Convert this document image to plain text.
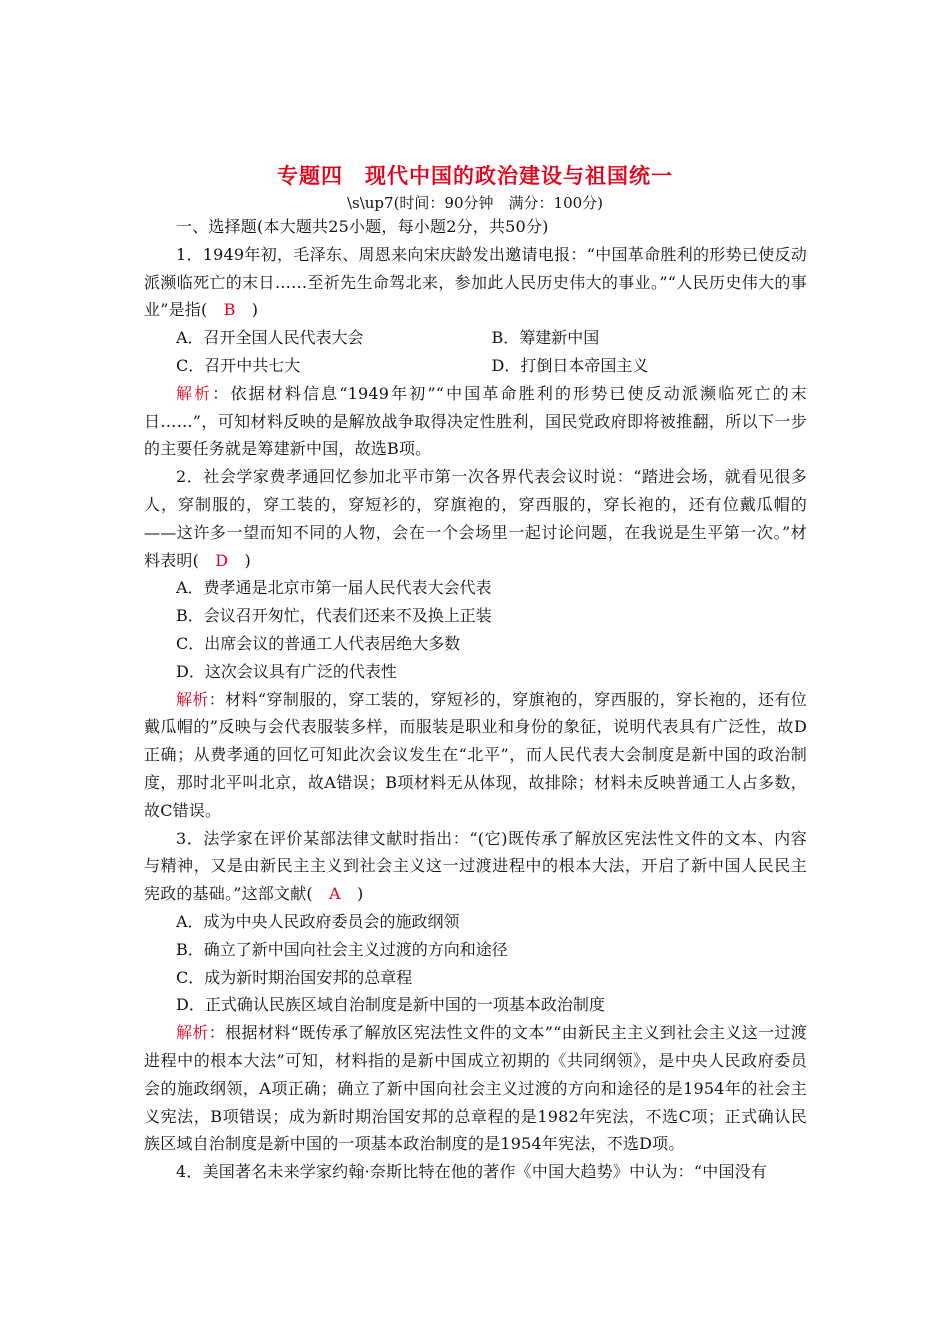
专题四　现代中国的政治建设与祖国统一
\s\up7(时间：90分钟　满分：100分)

一、选择题(本大题共25小题，每小题2分，共50分)

1．1949年初，毛泽东、周恩来向宋庆龄发出邀请电报：“中国革命胜利的形势已使反动派濒临死亡的末日……至祈先生命驾北来，参加此人民历史伟大的事业。”“人民历史伟大的事业”是指(　B　)

A．召开全国人民代表大会	B．筹建新中国
C．召开中共七大	D．打倒日本帝国主义

解析：依据材料信息“1949年初”“中国革命胜利的形势已使反动派濒临死亡的末日……”，可知材料反映的是解放战争取得决定性胜利，国民党政府即将被推翻，所以下一步的主要任务就是筹建新中国，故选B项。

2．社会学家费孝通回忆参加北平市第一次各界代表会议时说：“踏进会场，就看见很多人，穿制服的，穿工装的，穿短衫的，穿旗袍的，穿西服的，穿长袍的，还有位戴瓜帽的——这许多一望而知不同的人物，会在一个会场里一起讨论问题，在我说是生平第一次。”材料表明(　D　)

A．费孝通是北京市第一届人民代表大会代表

B．会议召开匆忙，代表们还来不及换上正装

C．出席会议的普通工人代表居绝大多数

D．这次会议具有广泛的代表性

解析：材料“穿制服的，穿工装的，穿短衫的，穿旗袍的，穿西服的，穿长袍的，还有位戴瓜帽的”反映与会代表服装多样，而服装是职业和身份的象征，说明代表具有广泛性，故D正确；从费孝通的回忆可知此次会议发生在“北平”，而人民代表大会制度是新中国的政治制度，那时北平叫北京，故A错误；B项材料无从体现，故排除；材料未反映普通工人占多数，故C错误。

3．法学家在评价某部法律文献时指出：“(它)既传承了解放区宪法性文件的文本、内容与精神，又是由新民主主义到社会主义这一过渡进程中的根本大法，开启了新中国人民民主宪政的基础。”这部文献(　A　)

A．成为中央人民政府委员会的施政纲领

B．确立了新中国向社会主义过渡的方向和途径

C．成为新时期治国安邦的总章程

D．正式确认民族区域自治制度是新中国的一项基本政治制度

解析：根据材料“既传承了解放区宪法性文件的文本”“由新民主主义到社会主义这一过渡进程中的根本大法”可知，材料指的是新中国成立初期的《共同纲领》，是中央人民政府委员会的施政纲领，A项正确；确立了新中国向社会主义过渡的方向和途径的是1954年的社会主义宪法，B项错误；成为新时期治国安邦的总章程的是1982年宪法，不选C项；正式确认民族区域自治制度是新中国的一项基本政治制度的是1954年宪法，不选D项。

4．美国著名未来学家约翰·奈斯比特在他的著作《中国大趋势》中认为：“中国没有
